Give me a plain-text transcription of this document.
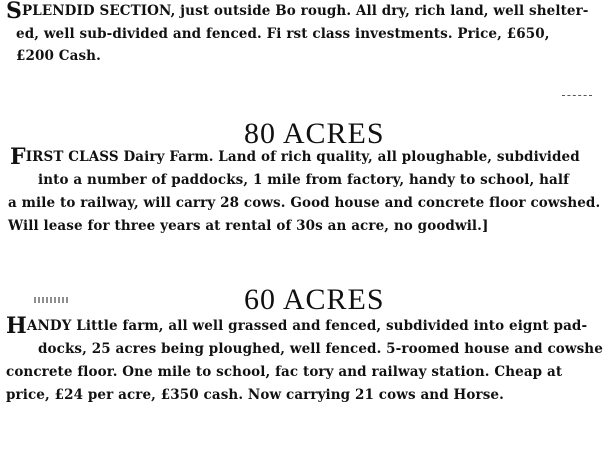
SPLENDID SECTION, just outside Bo rough. All dry, rich land, well shelter-
ed, well sub-divided and fenced. Fi rst class investments. Price, £650,
£200 Cash.
80 ACRES
FIRST CLASS Dairy Farm. Land of rich quality, all ploughable, subdivided
into a number of paddocks, 1 mile from factory, handy to school, half
a mile to railway, will carry 28 cows. Good house and concrete floor cowshed.
Will lease for three years at rental of 30s an acre, no goodwil.]
60 ACRES
HANDY Little farm, all well grassed and fenced, subdivided into eignt pad-
docks, 25 acres being ploughed, well fenced. 5-roomed house and cowshe
concrete floor. One mile to school, fac tory and railway station. Cheap at
price, £24 per acre, £350 cash. Now carrying 21 cows and Horse.
